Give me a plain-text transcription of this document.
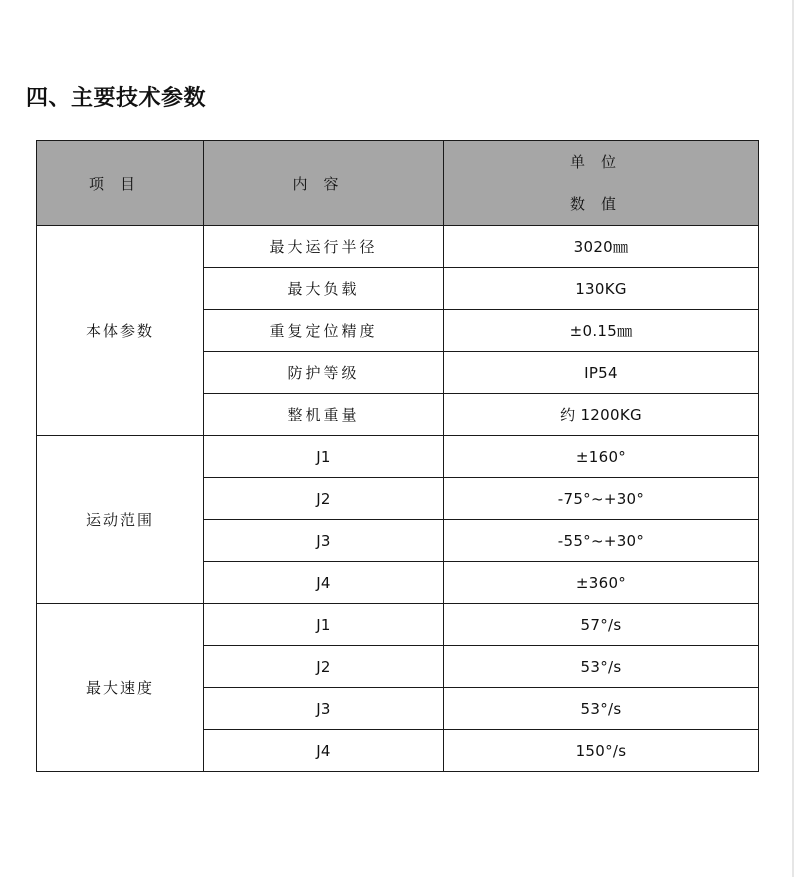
四、主要技术参数
项目	内容	单位
数值

本体参数	最大运行半径	3020㎜
	最大负载	130KG
	重复定位精度	±0.15㎜
	防护等级	IP54
	整机重量	约 1200KG
运动范围	J1	±160°
	J2	-75°~+30°
	J3	-55°~+30°
	J4	±360°
最大速度	J1	57°/s
	J2	53°/s
	J3	53°/s
	J4	150°/s
